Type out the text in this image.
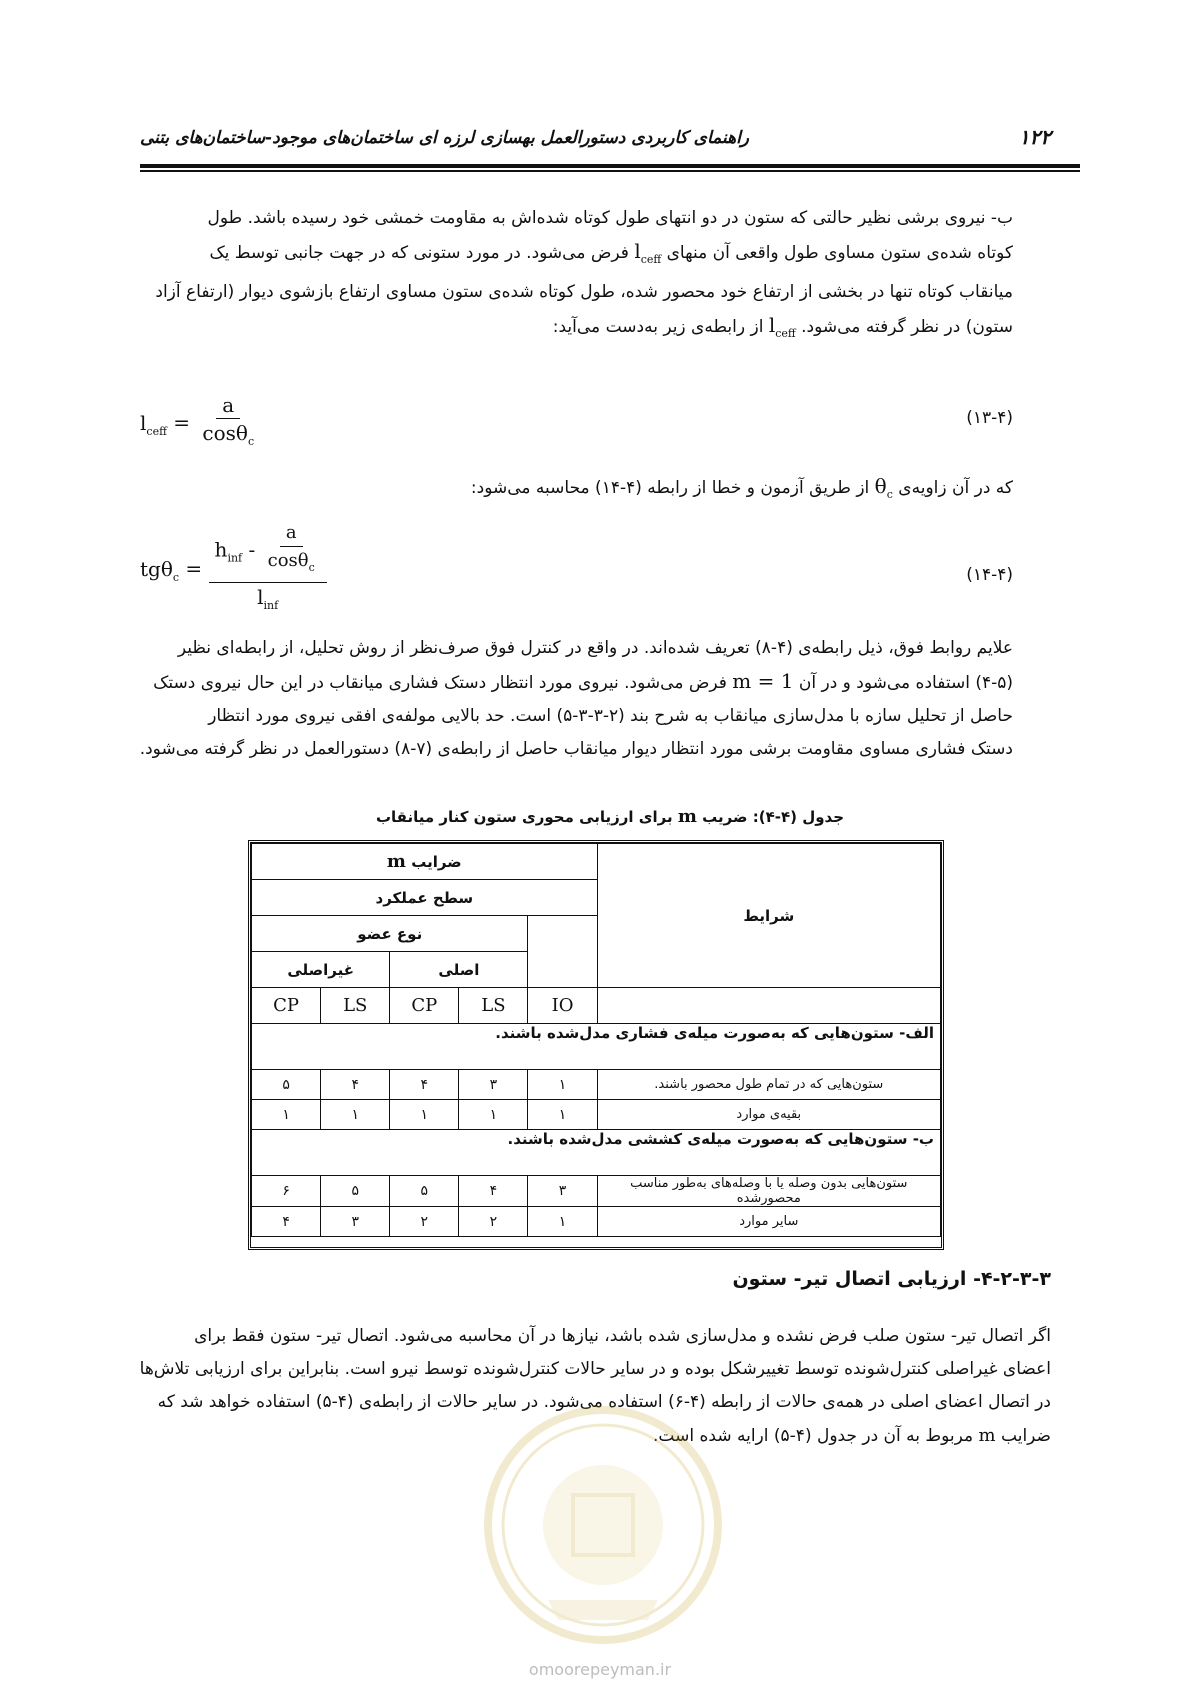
۱۲۲
راهنمای کاربردی دستورالعمل بهسازی لرزه ای ساختمان‌های موجود-ساختمان‌های بتنی

ب- نیروی برشی نظیر حالتی که ستون در دو انتهای طول کوتاه شده‌اش به مقاومت خمشی خود رسیده باشد. طول

کوتاه شده‌ی ستون مساوی طول واقعی آن منهای $l_{ceff}$ فرض می‌شود. در مورد ستونی که در جهت جانبی توسط یک

میانقاب کوتاه تنها در بخشی از ارتفاع خود محصور شده، طول کوتاه شده‌ی ستون مساوی ارتفاع بازشوی دیوار (ارتفاع آزاد

ستون) در نظر گرفته می‌شود. $l_{ceff}$ از رابطه‌ی زیر به‌دست می‌آید:

$l_{ceff} = \frac{a}{\cos\theta_c}$	(۱۳-۴)

که در آن زاویه‌ی $\theta_c$ از طریق آزمون و خطا از رابطه (۴-۱۴) محاسبه می‌شود:

$tg\theta_c = \frac{h_{inf} - \frac{a}{\cos\theta_c}}{l_{inf}}$	(۱۴-۴)

علایم روابط فوق، ذیل رابطه‌ی (۴-۸) تعریف شده‌اند. در واقع در کنترل فوق صرف‌نظر از روش تحلیل، از رابطه‌ای نظیر

(۴-۵) استفاده می‌شود و در آن m = 1 فرض می‌شود. نیروی مورد انتظار دستک فشاری میانقاب در این حال نیروی دستک

حاصل از تحلیل سازه با مدل‌سازی میانقاب به شرح بند (۲-۳-۳-۵) است. حد بالایی مولفه‌ی افقی نیروی مورد انتظار

دستک فشاری مساوی مقاومت برشی مورد انتظار دیوار میانقاب حاصل از رابطه‌ی (۷-۸) دستورالعمل در نظر گرفته می‌شود.

جدول (۴-۴): ضریب m برای ارزیابی محوری ستون کنار میانقاب
شرایط	ضرایب m				
	سطح عملکرد				
		نوع عضو			
		اصلی		غیراصلی	

	IO	LS	CP	LS	CP
الف- ستون‌هایی که به‌صورت میله‌ی فشاری مدل‌شده باشند.					
ستون‌هایی که در تمام طول محصور باشند.	۱	۳	۴	۴	۵
بقیه‌ی موارد	۱	۱	۱	۱	۱
ب- ستون‌هایی که به‌صورت میله‌ی کششی مدل‌شده باشند.					
ستون‌هایی بدون وصله یا با وصله‌های به‌طور مناسب محصورشده	۳	۴	۵	۵	۶
سایر موارد	۱	۲	۲	۳	۴
۴-۲-۳-۳- ارزیابی اتصال تیر- ستون

اگر اتصال تیر- ستون صلب فرض نشده و مدل‌سازی شده باشد، نیازها در آن محاسبه می‌شود. اتصال تیر- ستون فقط برای

اعضای غیراصلی کنترل‌شونده توسط تغییرشکل بوده و در سایر حالات کنترل‌شونده توسط نیرو است. بنابراین برای ارزیابی تلاش‌ها

در اتصال اعضای اصلی در همه‌ی حالات از رابطه (۴-۶) استفاده می‌شود. در سایر حالات از رابطه‌ی (۴-۵) استفاده خواهد شد که

ضرایب m مربوط به آن در جدول (۴-۵) ارایه شده است.

omoorepeyman.ir
